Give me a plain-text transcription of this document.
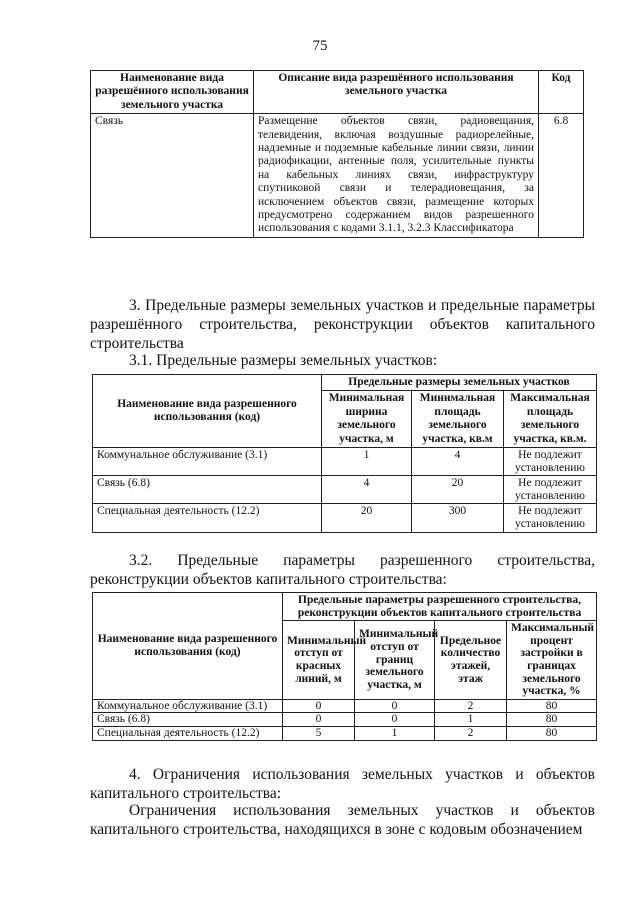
75
Наименование вида разрешённого использования земельного участка	Описание вида разрешённого использования земельного участка	Код
Связь	Размещение объектов связи, радиовещания, телевидения, включая воздушные радиорелейные, надземные и подземные кабельные линии связи, линии радиофикации, антенные поля, усилительные пункты на кабельных линиях связи, инфраструктуру спутниковой связи и телерадиовещания, за исключением объектов связи, размещение которых предусмотрено содержанием видов разрешенного использования с кодами 3.1.1, 3.2.3 Классификатора	6.8
3. Предельные размеры земельных участков и предельные параметры разрешённого строительства, реконструкции объектов капитального строительства
3.1. Предельные размеры земельных участков:
Наименование вида разрешенного использования (код)	Предельные размеры земельных участков		
	Минимальная ширина земельного участка, м	Минимальная площадь земельного участка, кв.м	Максимальная площадь земельного участка, кв.м.
Коммунальное обслуживание (3.1)	1	4	Не подлежит установлению
Связь (6.8)	4	20	Не подлежит установлению
Специальная деятельность (12.2)	20	300	Не подлежит установлению
3.2. Предельные параметры разрешенного строительства,
реконструкции объектов капитального строительства:
Наименование вида разрешенного использования (код)	Предельные параметры разрешенного строительства, реконструкции объектов капитального строительства			
	Минимальный отступ от красных линий, м	Минимальный отступ от границ земельного участка, м	Предельное количество этажей, этаж	Максимальный процент застройки в границах земельного участка, %
Коммунальное обслуживание (3.1)	0	0	2	80
Связь (6.8)	0	0	1	80
Специальная деятельность (12.2)	5	1	2	80
4. Ограничения использования земельных участков и объектов капитального строительства:
Ограничения использования земельных участков и объектов капитального строительства, находящихся в зоне с кодовым обозначением
